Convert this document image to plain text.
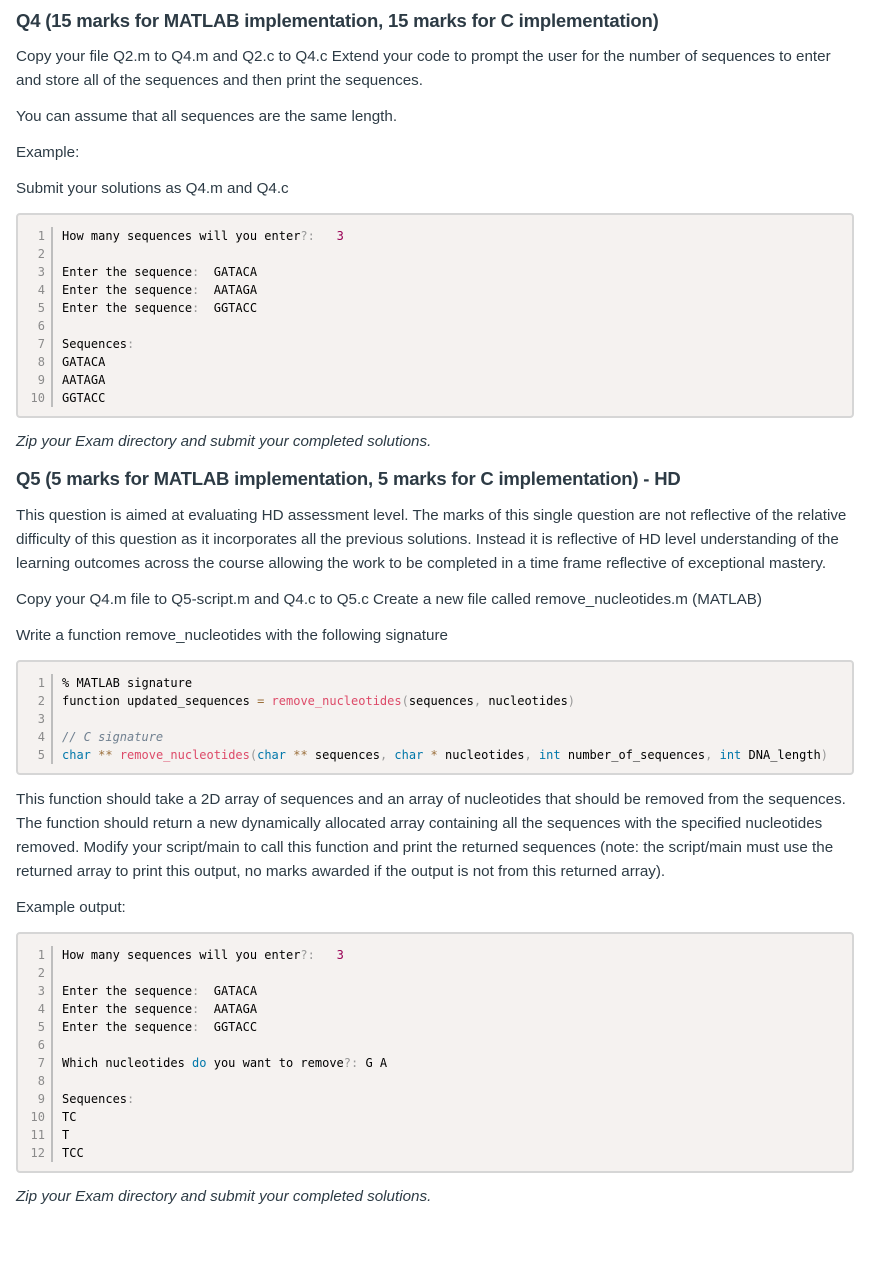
Q4 (15 marks for MATLAB implementation, 15 marks for C implementation)

Copy your file Q2.m to Q4.m and Q2.c to Q4.c Extend your code to prompt the user for the number of sequences to enter and store all of the sequences and then print the sequences.

You can assume that all sequences are the same length.

Example:

Submit your solutions as Q4.m and Q4.c

1	How many sequences will you enter?: 3
2
3	Enter the sequence:  GATACA
4	Enter the sequence:  AATAGA
5	Enter the sequence:  GGTACC
6
7	Sequences:
8	GATACA
9	AATAGA
10	GGTACC

Zip your Exam directory and submit your completed solutions.

Q5 (5 marks for MATLAB implementation, 5 marks for C implementation) - HD

This question is aimed at evaluating HD assessment level. The marks of this single question are not reflective of the relative difficulty of this question as it incorporates all the previous solutions. Instead it is reflective of HD level understanding of the learning outcomes across the course allowing the work to be completed in a time frame reflective of exceptional mastery.

Copy your Q4.m file to Q5-script.m and Q4.c to Q5.c Create a new file called remove_nucleotides.m (MATLAB)

Write a function remove_nucleotides with the following signature

1	% MATLAB signature
2	function updated_sequences = remove_nucleotides(sequences, nucleotides)
3
4	// C signature
5	char ** remove_nucleotides(char ** sequences, char * nucleotides, int number_of_sequences, int DNA_length)

This function should take a 2D array of sequences and an array of nucleotides that should be removed from the sequences. The function should return a new dynamically allocated array containing all the sequences with the specified nucleotides removed. Modify your script/main to call this function and print the returned sequences (note: the script/main must use the returned array to print this output, no marks awarded if the output is not from this returned array).

Example output:

1	How many sequences will you enter?: 3
2
3	Enter the sequence:  GATACA
4	Enter the sequence:  AATAGA
5	Enter the sequence:  GGTACC
6
7	Which nucleotides do you want to remove?: G A
8
9	Sequences:
10	TC
11	T
12	TCC

Zip your Exam directory and submit your completed solutions.
